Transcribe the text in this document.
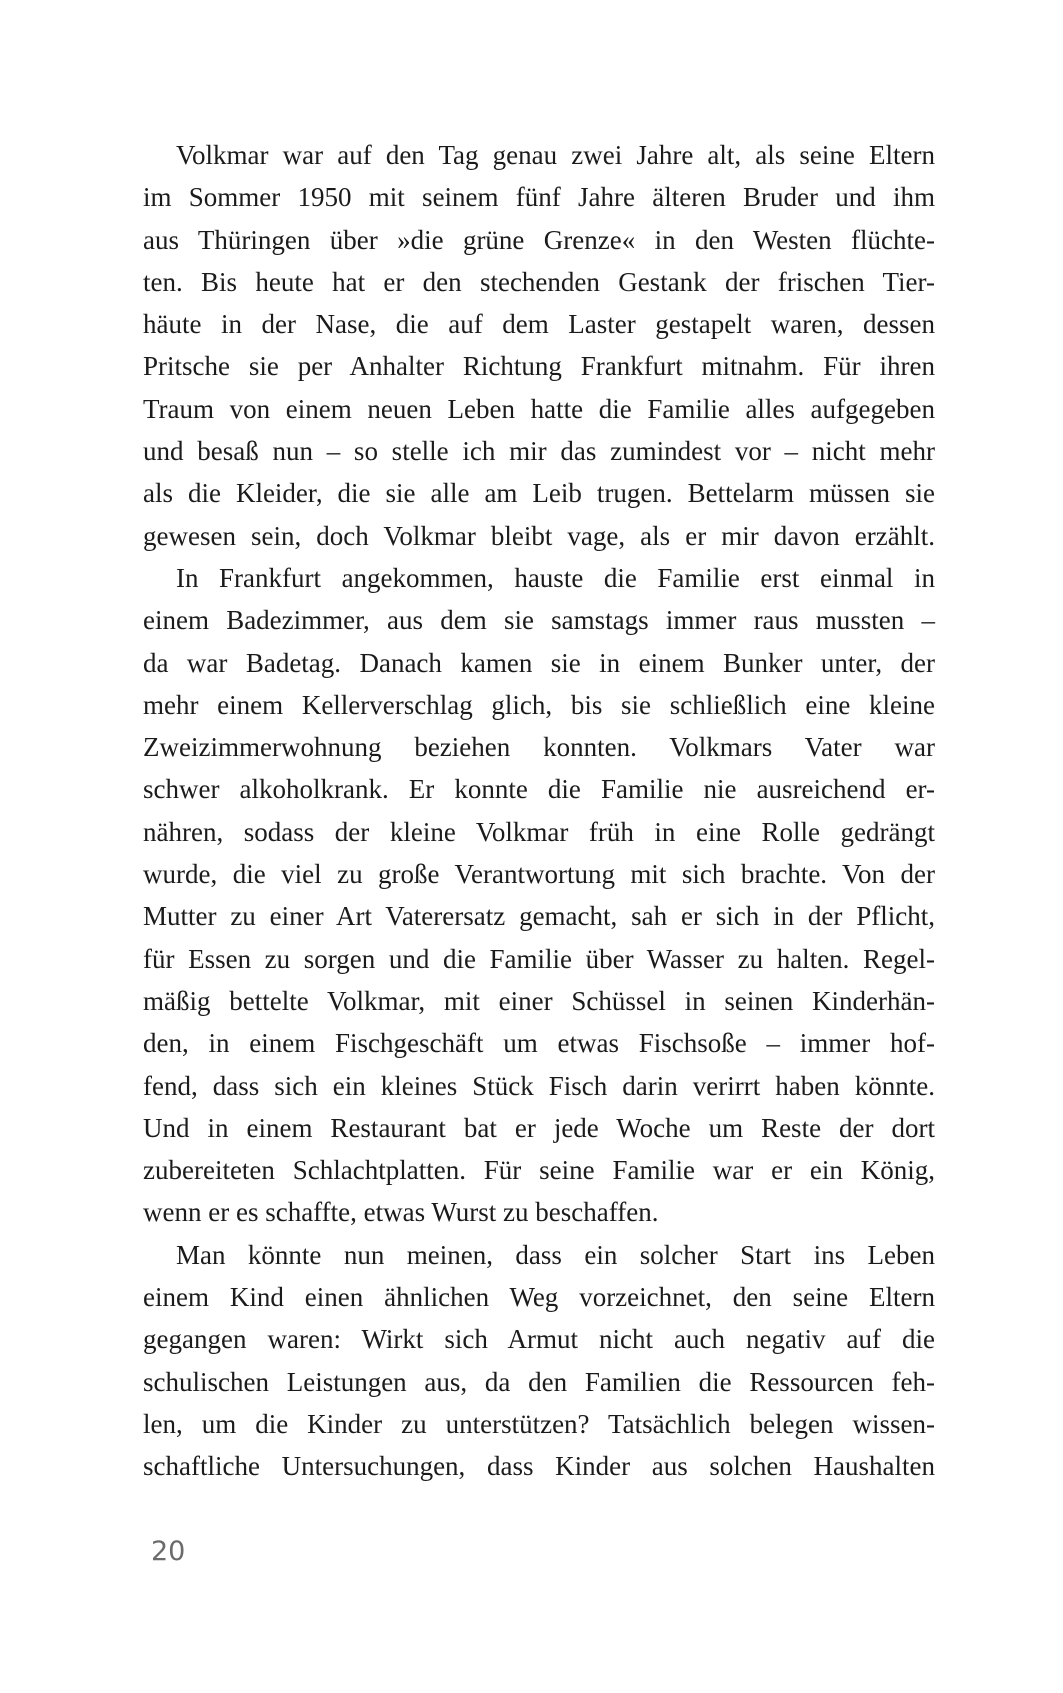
Volkmar war auf den Tag genau zwei Jahre alt, als seine Eltern
im Sommer 1950 mit seinem fünf Jahre älteren Bruder und ihm
aus Thüringen über »die grüne Grenze« in den Westen flüchte-
ten. Bis heute hat er den stechenden Gestank der frischen Tier-
häute in der Nase, die auf dem Laster gestapelt waren, dessen
Pritsche sie per Anhalter Richtung Frankfurt mitnahm. Für ihren
Traum von einem neuen Leben hatte die Familie alles aufgegeben
und besaß nun – so stelle ich mir das zumindest vor – nicht mehr
als die Kleider, die sie alle am Leib trugen. Bettelarm müssen sie
gewesen sein, doch Volkmar bleibt vage, als er mir davon erzählt.
In Frankfurt angekommen, hauste die Familie erst einmal in
einem Badezimmer, aus dem sie samstags immer raus mussten –
da war Badetag. Danach kamen sie in einem Bunker unter, der
mehr einem Kellerverschlag glich, bis sie schließlich eine kleine
Zweizimmerwohnung beziehen konnten. Volkmars Vater war
schwer alkoholkrank. Er konnte die Familie nie ausreichend er-
nähren, sodass der kleine Volkmar früh in eine Rolle gedrängt
wurde, die viel zu große Verantwortung mit sich brachte. Von der
Mutter zu einer Art Vaterersatz gemacht, sah er sich in der Pflicht,
für Essen zu sorgen und die Familie über Wasser zu halten. Regel-
mäßig bettelte Volkmar, mit einer Schüssel in seinen Kinderhän-
den, in einem Fischgeschäft um etwas Fischsoße – immer hof-
fend, dass sich ein kleines Stück Fisch darin verirrt haben könnte.
Und in einem Restaurant bat er jede Woche um Reste der dort
zubereiteten Schlachtplatten. Für seine Familie war er ein König,
wenn er es schaffte, etwas Wurst zu beschaffen.
Man könnte nun meinen, dass ein solcher Start ins Leben
einem Kind einen ähnlichen Weg vorzeichnet, den seine Eltern
gegangen waren: Wirkt sich Armut nicht auch negativ auf die
schulischen Leistungen aus, da den Familien die Ressourcen feh-
len, um die Kinder zu unterstützen? Tatsächlich belegen wissen-
schaftliche Untersuchungen, dass Kinder aus solchen Haushalten
20
